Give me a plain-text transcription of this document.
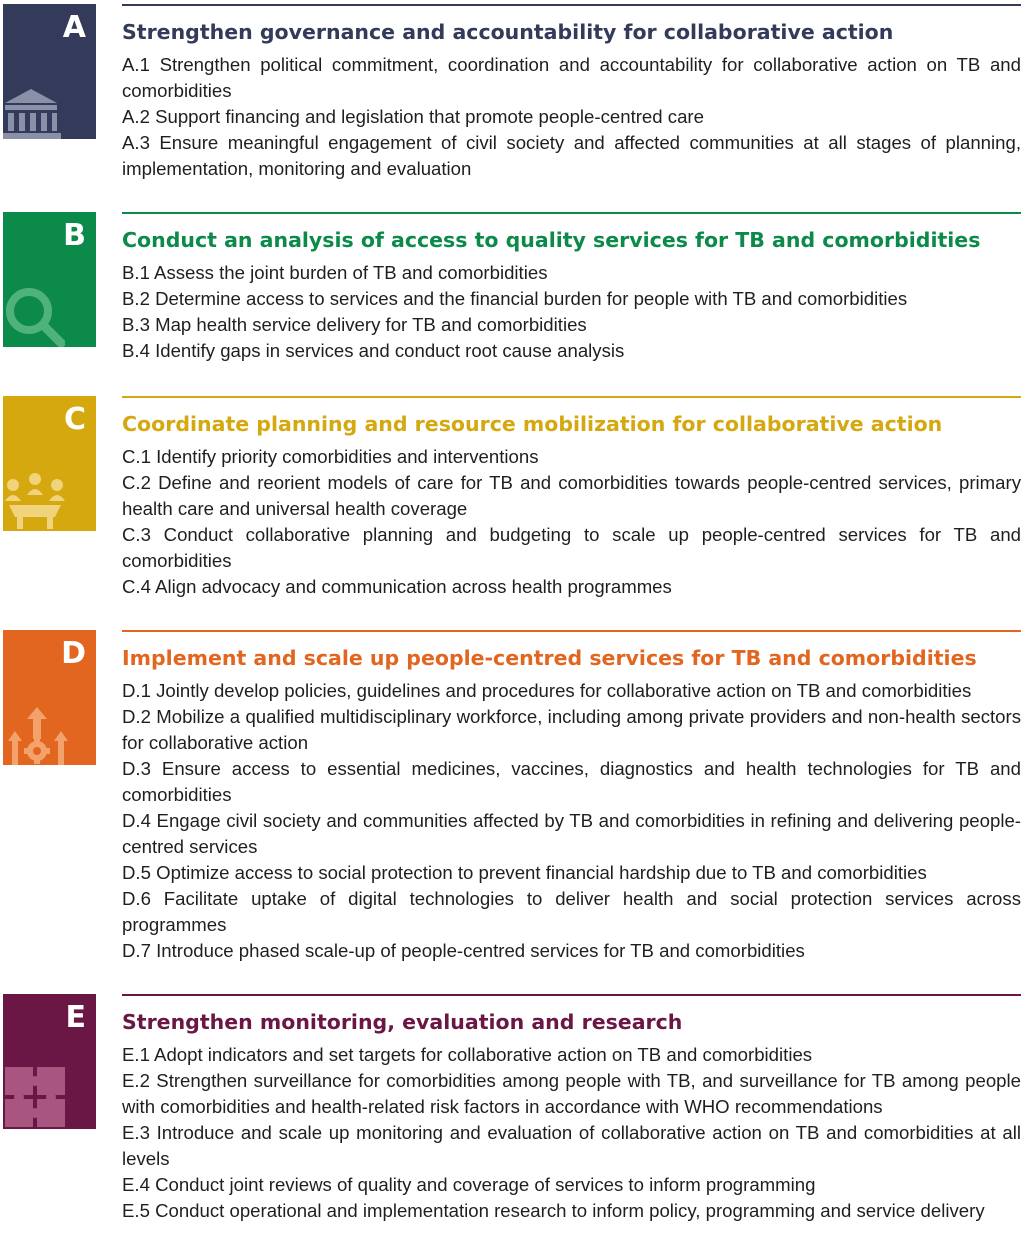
A Strengthen governance and accountability for collaborative action
A.1 Strengthen political commitment, coordination and accountability for collaborative action on TB and comorbidities
A.2 Support financing and legislation that promote people-centred care
A.3 Ensure meaningful engagement of civil society and affected communities at all stages of planning, implementation, monitoring and evaluation
B Conduct an analysis of access to quality services for TB and comorbidities
B.1 Assess the joint burden of TB and comorbidities
B.2 Determine access to services and the financial burden for people with TB and comorbidities
B.3 Map health service delivery for TB and comorbidities
B.4 Identify gaps in services and conduct root cause analysis
C Coordinate planning and resource mobilization for collaborative action
C.1 Identify priority comorbidities and interventions
C.2 Define and reorient models of care for TB and comorbidities towards people-centred services, primary health care and universal health coverage
C.3 Conduct collaborative planning and budgeting to scale up people-centred services for TB and comorbidities
C.4 Align advocacy and communication across health programmes
D Implement and scale up people-centred services for TB and comorbidities
D.1 Jointly develop policies, guidelines and procedures for collaborative action on TB and comorbidities
D.2 Mobilize a qualified multidisciplinary workforce, including among private providers and non-health sectors for collaborative action
D.3 Ensure access to essential medicines, vaccines, diagnostics and health technologies for TB and comorbidities
D.4 Engage civil society and communities affected by TB and comorbidities in refining and delivering people-centred services
D.5 Optimize access to social protection to prevent financial hardship due to TB and comorbidities
D.6 Facilitate uptake of digital technologies to deliver health and social protection services across programmes
D.7 Introduce phased scale-up of people-centred services for TB and comorbidities
E Strengthen monitoring, evaluation and research
E.1 Adopt indicators and set targets for collaborative action on TB and comorbidities
E.2 Strengthen surveillance for comorbidities among people with TB, and surveillance for TB among people with comorbidities and health-related risk factors in accordance with WHO recommendations
E.3 Introduce and scale up monitoring and evaluation of collaborative action on TB and comorbidities at all levels
E.4 Conduct joint reviews of quality and coverage of services to inform programming
E.5 Conduct operational and implementation research to inform policy, programming and service delivery
